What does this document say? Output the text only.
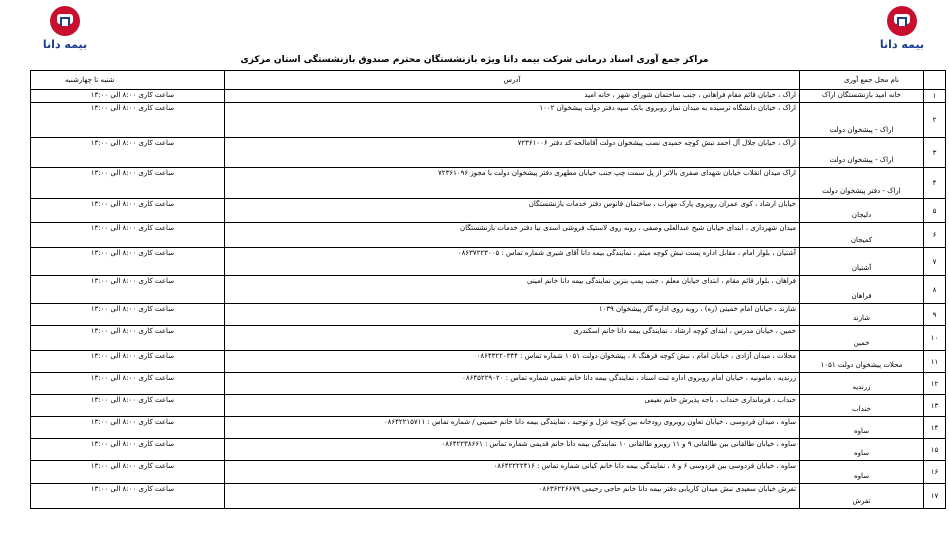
بیمه دانا	بیمه دانا
مراکز جمع آوری اسناد درمانی شرکت بیمه دانا ویژه بازنشستگان محترم صندوق بازنشستگی استان مرکزی
	نام محل جمع آوری	آدرس	شنبه تا چهارشنبه
۱	خانه امید بازنشستگان اراک	اراک ، خیابان قائم مقام فراهانی ، جنب ساختمان شورای شهر ، خانه امید	ساعت کاری ۸:۰۰ الی ۱۳:۰۰
۲	اراک - پیشخوان دولت	اراک ، خیابان دانشگاه نرسیده به میدان نماز روبروی بانک سپه دفتر دولت پیشخوان ۱۰۰۲	ساعت کاری ۸:۰۰ الی ۱۳:۰۰
۳	اراک - پیشخوان دولت	اراک ، خیابان جلال آل احمد نبش کوچه حمیدی نصب پیشخوان دولت آقامالحه کد دفتر ۷۲۳۶۱۰۰۶	ساعت کاری ۸:۰۰ الی ۱۳:۰۰
۴	اراک - دفتر پیشخوان دولت	اراک میدان انقلاب خیابان شهدای صفری بالاتر از پل سمت چپ جنب خیابان مطهری دفتر پیشخوان دولت با مجوز ۷۲۳۶۱۰۹۶	ساعت کاری ۸:۰۰ الی ۱۳:۰۰
۵	دلیجان	خیابان ارشاد ، کوی عمران روبروی پارک مهراب ، ساختمان فانوس دفتر خدمات بازنشستگان	ساعت کاری ۸:۰۰ الی ۱۳:۰۰
۶	کمیجان	میدان شهرداری ، ابتدای خیابان شیخ عبدالعلی وصفی ، روبه روی لاستیک فروشی اسدی نیا دفتر خدمات بازنشستگان	ساعت کاری ۸:۰۰ الی ۱۳:۰۰
۷	آشتیان	آشتیان ، بلوار امام ، مقابل اداره پست نبش کوچه میثم ، نمایندگی بیمه دانا آقای شیری شماره تماس : ۰۸۶۳۷۲۲۳۰۰۵	ساعت کاری ۸:۰۰ الی ۱۳:۰۰
۸	فراهان	فراهان ، بلوار قائم مقام ، ابتدای خیابان معلم ، جنب پمپ بنزین نمایندگی بیمه دانا خانم امینی	ساعت کاری ۸:۰۰ الی ۱۳:۰۰
۹	شازند	شازند ، خیابان امام خمینی (ره) ، روبه روی اداره گاز پیشخوان ۱۰۳۹	ساعت کاری ۸:۰۰ الی ۱۳:۰۰
۱۰	خمین	خمین ، خیابان مدرس ، ابتدای کوچه ارشاد ، نمایندگی بیمه دانا خانم اسکندری	ساعت کاری ۸:۰۰ الی ۱۳:۰۰
۱۱	محلات پیشخوان دولت ۱۰۵۱	محلات ، میدان آزادی ، خیابان امام ، نبش کوچه فرهنگ ۸ ، پیشخوان دولت ۱۰۵۱ شماره تماس : ۰۸۶۴۳۲۲۰۳۴۴	ساعت کاری ۸:۰۰ الی ۱۳:۰۰
۱۲	زرندیه	زرندیه ، مامونیه ، خیابان امام روبروی اداره ثبت اسناد ، نمایندگی بیمه دانا خانم تقیبی شماره تماس : ۰۸۶۴۵۲۲۹۰۲۰	ساعت کاری ۸:۰۰ الی ۱۳:۰۰
۱۳	خنداب	خنداب ، فرمانداری خنداب ، باجه پذیرش خانم نعیمی	ساعت کاری ۸:۰۰ الی ۱۳:۰۰
۱۴	ساوه	ساوه ، میدان فردوسی ، خیابان تعاون روبروی رودخانه بین کوچه غزل و توحید ، نمایندگی بیمه دانا خانم حسینی / شماره تماس : ۰۸۶۴۲۲۱۵۷۱۱	ساعت کاری ۸:۰۰ الی ۱۳:۰۰
۱۵	ساوه	ساوه ، خیابان طالقانی بین طالقانی ۹ و ۱۱ روبرو طالقانی ۱۰ نمایندگی بیمه دانا خانم قدیمی شماره تماس : ۰۸۶۴۲۲۳۸۶۶۱	ساعت کاری ۸:۰۰ الی ۱۳:۰۰
۱۶	ساوه	ساوه ، خیابان فردوسی بین فردوسی ۶ و ۸ ، نمایندگی بیمه دانا خانم کیانی شماره تماس : ۰۸۶۴۲۲۲۲۴۱۶	ساعت کاری ۸:۰۰ الی ۱۳:۰۰
۱۷	تفرش	تفرش خیابان سعیدی نبش میدان کاریابی دفتر بیمه دانا خانم حاجی رحیمی ۰۸۶۳۶۲۲۶۶۷۹	ساعت کاری ۸:۰۰ الی ۱۳:۰۰
